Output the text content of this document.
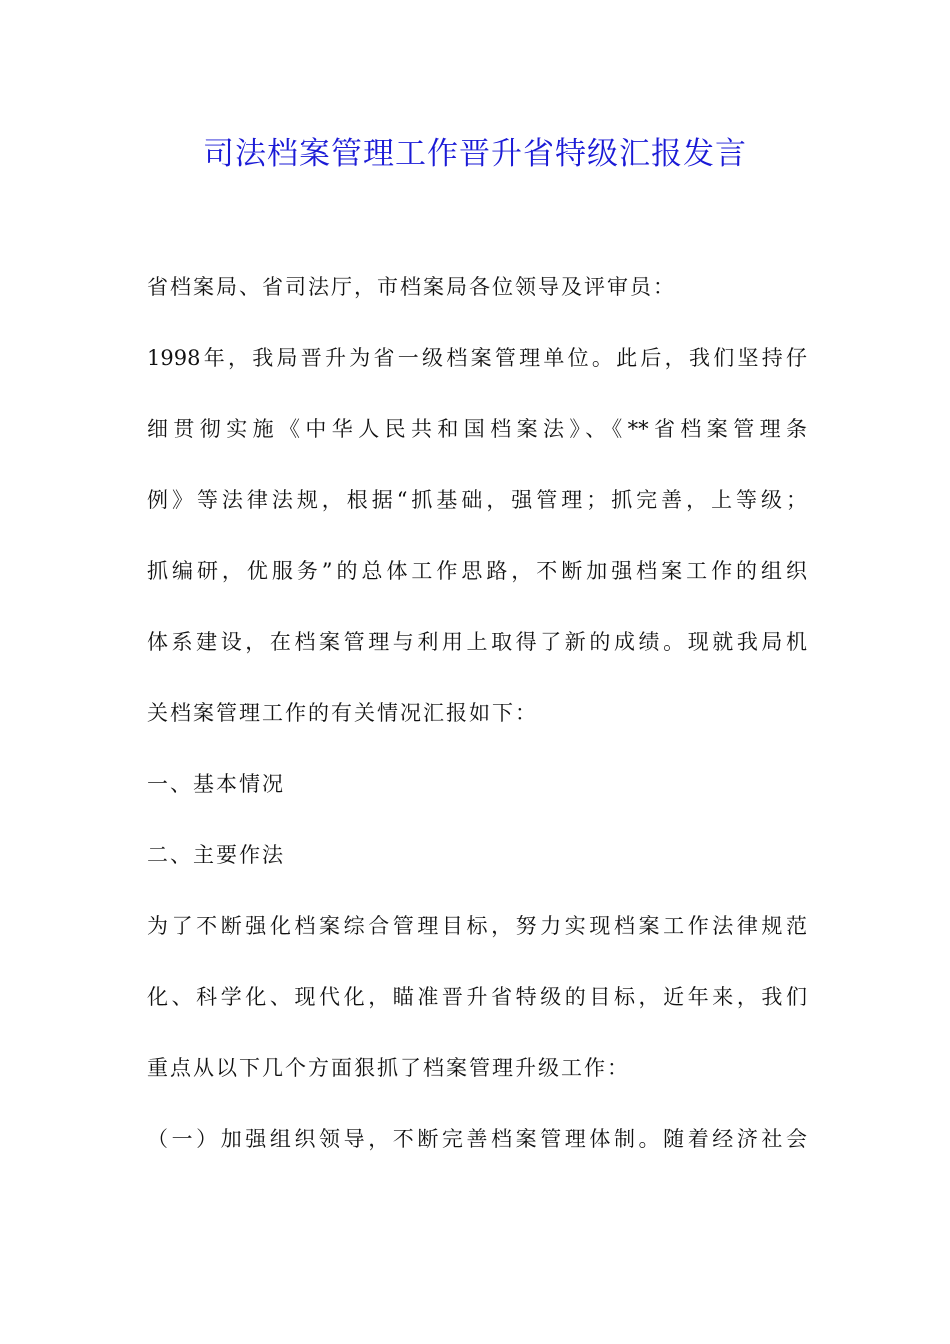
司法档案管理工作晋升省特级汇报发言
省档案局、省司法厅，市档案局各位领导及评审员：
1998年，我局晋升为省一级档案管理单位。此后，我们坚持仔
细贯彻实施《中华人民共和国档案法》、《**省档案管理条
例》等法律法规，根据“抓基础，强管理；抓完善，上等级；
抓编研，优服务”的总体工作思路，不断加强档案工作的组织
体系建设，在档案管理与利用上取得了新的成绩。现就我局机
关档案管理工作的有关情况汇报如下：
一、基本情况
二、主要作法
为了不断强化档案综合管理目标，努力实现档案工作法律规范
化、科学化、现代化，瞄准晋升省特级的目标，近年来，我们
重点从以下几个方面狠抓了档案管理升级工作：
（一）加强组织领导，不断完善档案管理体制。随着经济社会
